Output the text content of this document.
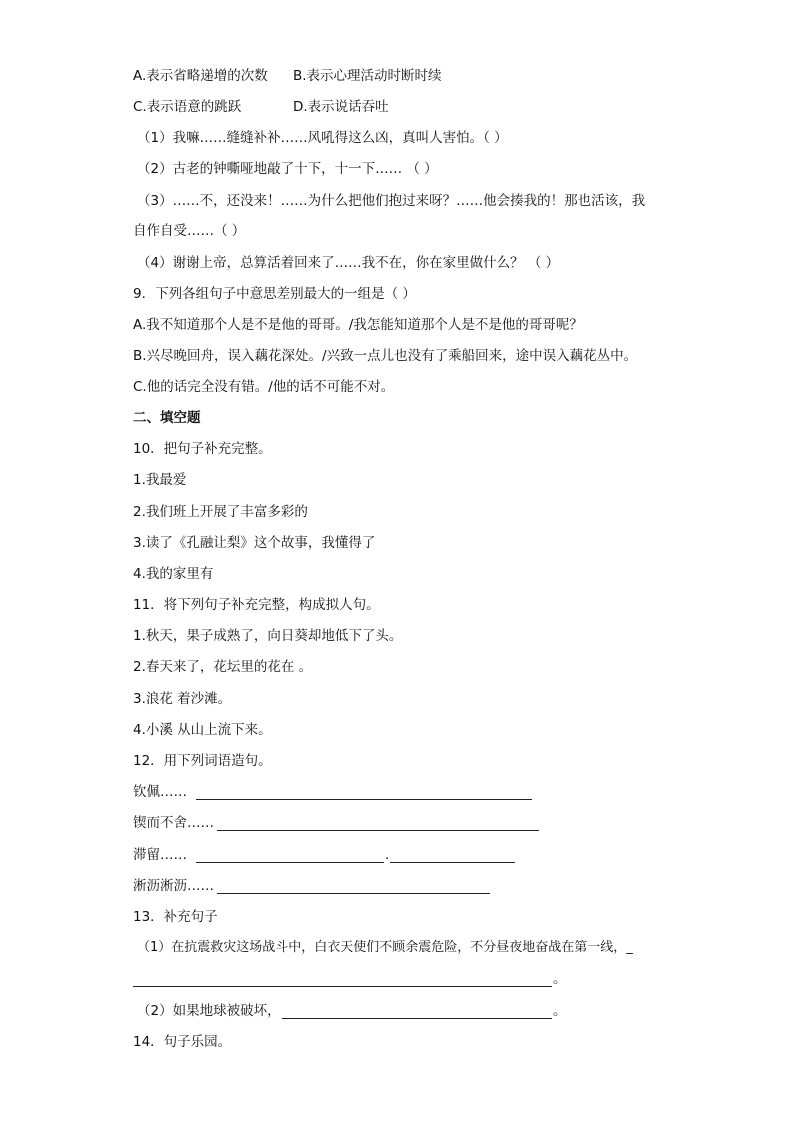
A.表示省略递增的次数 B.表示心理活动时断时续
C.表示语意的跳跃	D.表示说话吞吐
（1）我嘛……缝缝补补……风吼得这么凶，真叫人害怕。（ ）
（2）古老的钟嘶哑地敲了十下，十一下…… （ ）
（3）……不，还没来！……为什么把他们抱过来呀？……他会揍我的！那也活该，我
自作自受……（ ）
（4）谢谢上帝，总算活着回来了……我不在，你在家里做什么？ （ ）
9．下列各组句子中意思差别最大的一组是（ ）
A.我不知道那个人是不是他的哥哥。/我怎能知道那个人是不是他的哥哥呢？
B.兴尽晚回舟，误入藕花深处。/兴致一点儿也没有了乘船回来，途中误入藕花丛中。
C.他的话完全没有错。/他的话不可能不对。
二、填空题
10．把句子补充完整。
1.我最爱
2.我们班上开展了丰富多彩的
3.读了《孔融让梨》这个故事，我懂得了
4.我的家里有
11．将下列句子补充完整，构成拟人句。
1.秋天，果子成熟了，向日葵却地低下了头。
2.春天来了，花坛里的花在 。
3.浪花 着沙滩。
4.小溪 从山上流下来。
12．用下列词语造句。
钦佩……
锲而不舍……
滞留……	.
淅沥淅沥……
13．补充句子
（1）在抗震救灾这场战斗中，白衣天使们不顾余震危险，不分昼夜地奋战在第一线，_
。
（2）如果地球被破坏，	。
14．句子乐园。
